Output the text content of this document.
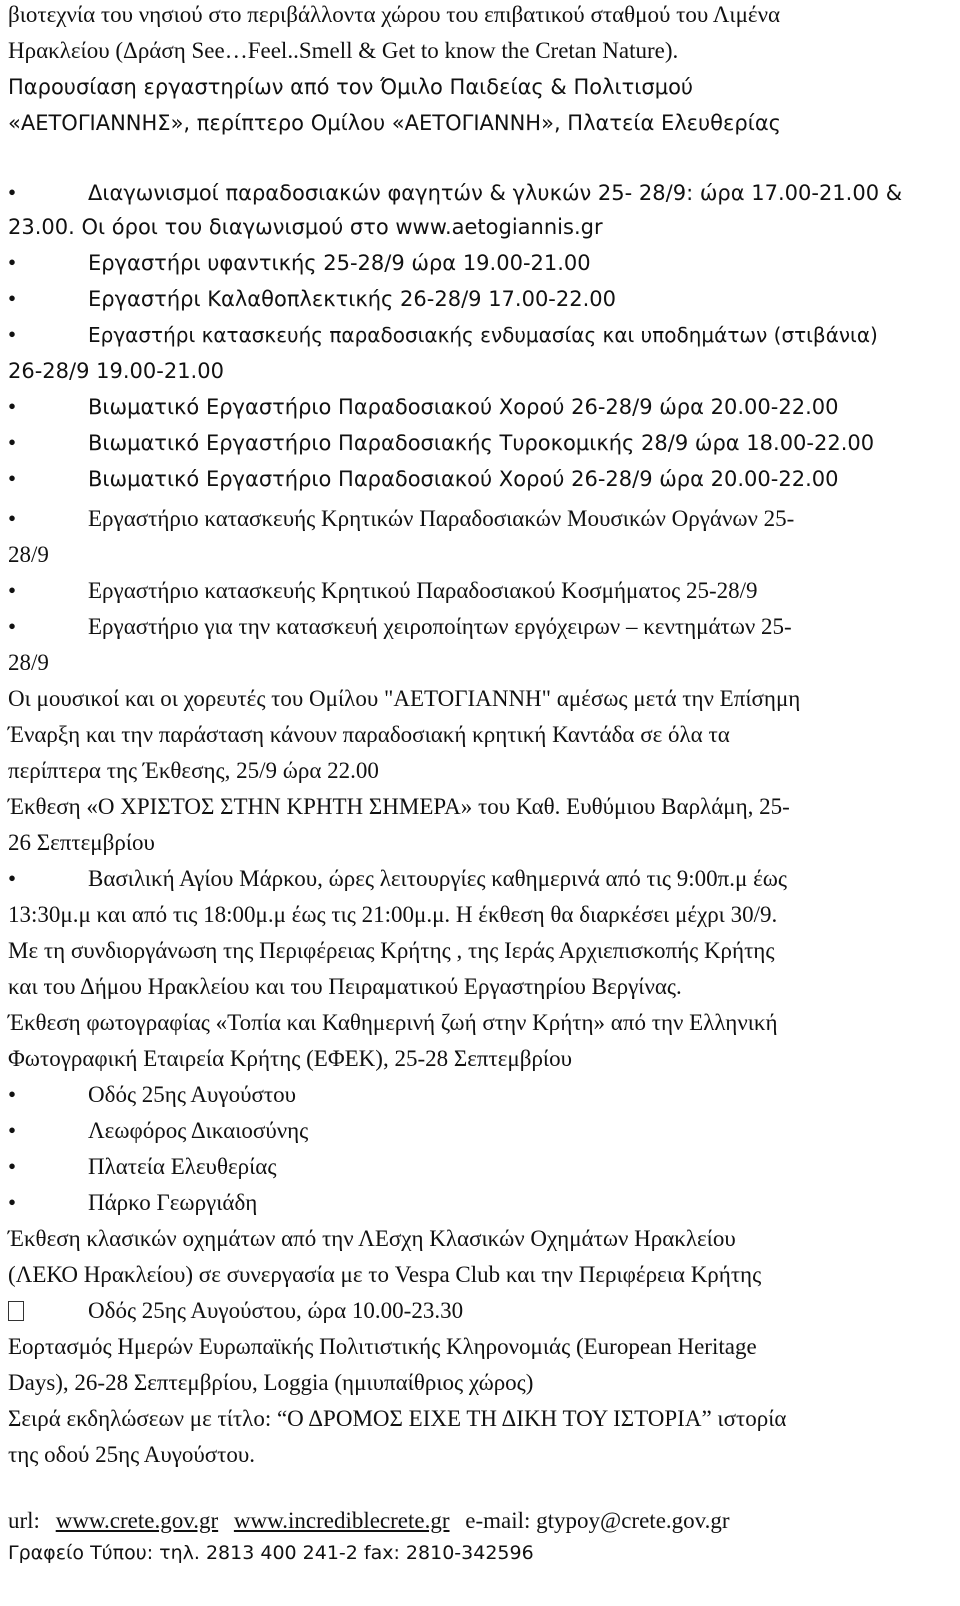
βιοτεχνία του νησιού στο περιβάλλοντα χώρου του επιβατικού σταθμού του Λιμένα
Ηρακλείου (Δράση See…Feel..Smell & Get to know the Cretan Nature).
Παρουσίαση εργαστηρίων από τον Όμιλο Παιδείας & Πολιτισμού
«ΑΕΤΟΓΙΑΝΝΗΣ», περίπτερο Ομίλου «ΑΕΤΟΓΙΑΝΝΗ», Πλατεία Ελευθερίας
•	Διαγωνισμοί παραδοσιακών φαγητών & γλυκών 25- 28/9: ώρα 17.00-21.00 &
23.00. Οι όροι του διαγωνισμού στο www.aetogiannis.gr
•	Εργαστήρι υφαντικής 25-28/9 ώρα 19.00-21.00
•	Εργαστήρι Καλαθοπλεκτικής 26-28/9 17.00-22.00
•	Εργαστήρι κατασκευής παραδοσιακής ενδυμασίας και υποδημάτων (στιβάνια)
26-28/9 19.00-21.00
•	Βιωματικό Εργαστήριο Παραδοσιακού Χορού 26-28/9 ώρα 20.00-22.00
•	Βιωματικό Εργαστήριο Παραδοσιακής Τυροκομικής 28/9 ώρα 18.00-22.00
•	Βιωματικό Εργαστήριο Παραδοσιακού Χορού 26-28/9 ώρα 20.00-22.00
•	Εργαστήριο κατασκευής Κρητικών Παραδοσιακών Μουσικών Οργάνων 25-
28/9
•	Εργαστήριο κατασκευής Κρητικού Παραδοσιακού Κοσμήματος 25-28/9
•	Εργαστήριο για την κατασκευή χειροποίητων εργόχειρων – κεντημάτων 25-
28/9
Οι μουσικοί και οι χορευτές του Ομίλου "ΑΕΤΟΓΙΑΝΝΗ" αμέσως μετά την Επίσημη
Έναρξη και την παράσταση κάνουν παραδοσιακή κρητική Καντάδα σε όλα τα
περίπτερα της Έκθεσης, 25/9 ώρα 22.00
Έκθεση «Ο ΧΡΙΣΤΟΣ ΣΤΗΝ ΚΡΗΤΗ ΣΗΜΕΡΑ» του Καθ. Ευθύμιου Βαρλάμη, 25-
26 Σεπτεμβρίου
•	Βασιλική Αγίου Μάρκου, ώρες λειτουργίες καθημερινά από τις 9:00π.μ έως
13:30μ.μ και από τις 18:00μ.μ έως τις 21:00μ.μ. Η έκθεση θα διαρκέσει μέχρι 30/9.
Με τη συνδιοργάνωση της Περιφέρειας Κρήτης , της Ιεράς Αρχιεπισκοπής Κρήτης
και του Δήμου Ηρακλείου και του Πειραματικού Εργαστηρίου Βεργίνας.
Έκθεση φωτογραφίας «Τοπία και Καθημερινή ζωή στην Κρήτη» από την Ελληνική
Φωτογραφική Εταιρεία Κρήτης (ΕΦΕΚ), 25-28 Σεπτεμβρίου
•	Οδός 25ης Αυγούστου
•	Λεωφόρος Δικαιοσύνης
•	Πλατεία Ελευθερίας
•	Πάρκο Γεωργιάδη
Έκθεση κλασικών οχημάτων από την ΛΕσχη Κλασικών Οχημάτων Ηρακλείου
(ΛΕΚΟ Ηρακλείου) σε συνεργασία με το Vespa Club και την Περιφέρεια Κρήτης
Οδός 25ης Αυγούστου, ώρα 10.00-23.30
Εορτασμός Ημερών Ευρωπαϊκής Πολιτιστικής Κληρονομιάς (European Heritage
Days), 26-28 Σεπτεμβρίου, Loggia (ημιυπαίθριος χώρος)
Σειρά εκδηλώσεων με τίτλο: “Ο ΔΡΟΜΟΣ ΕΙΧΕ ΤΗ ΔΙΚΗ ΤΟΥ ΙΣΤΟΡΙΑ” ιστορία
της οδού 25ης Αυγούστου.
url: www.crete.gov.gr www.incrediblecrete.gr e-mail: gtypoy@crete.gov.gr
Γραφείο Τύπου: τηλ. 2813 400 241-2 fax: 2810-342596
